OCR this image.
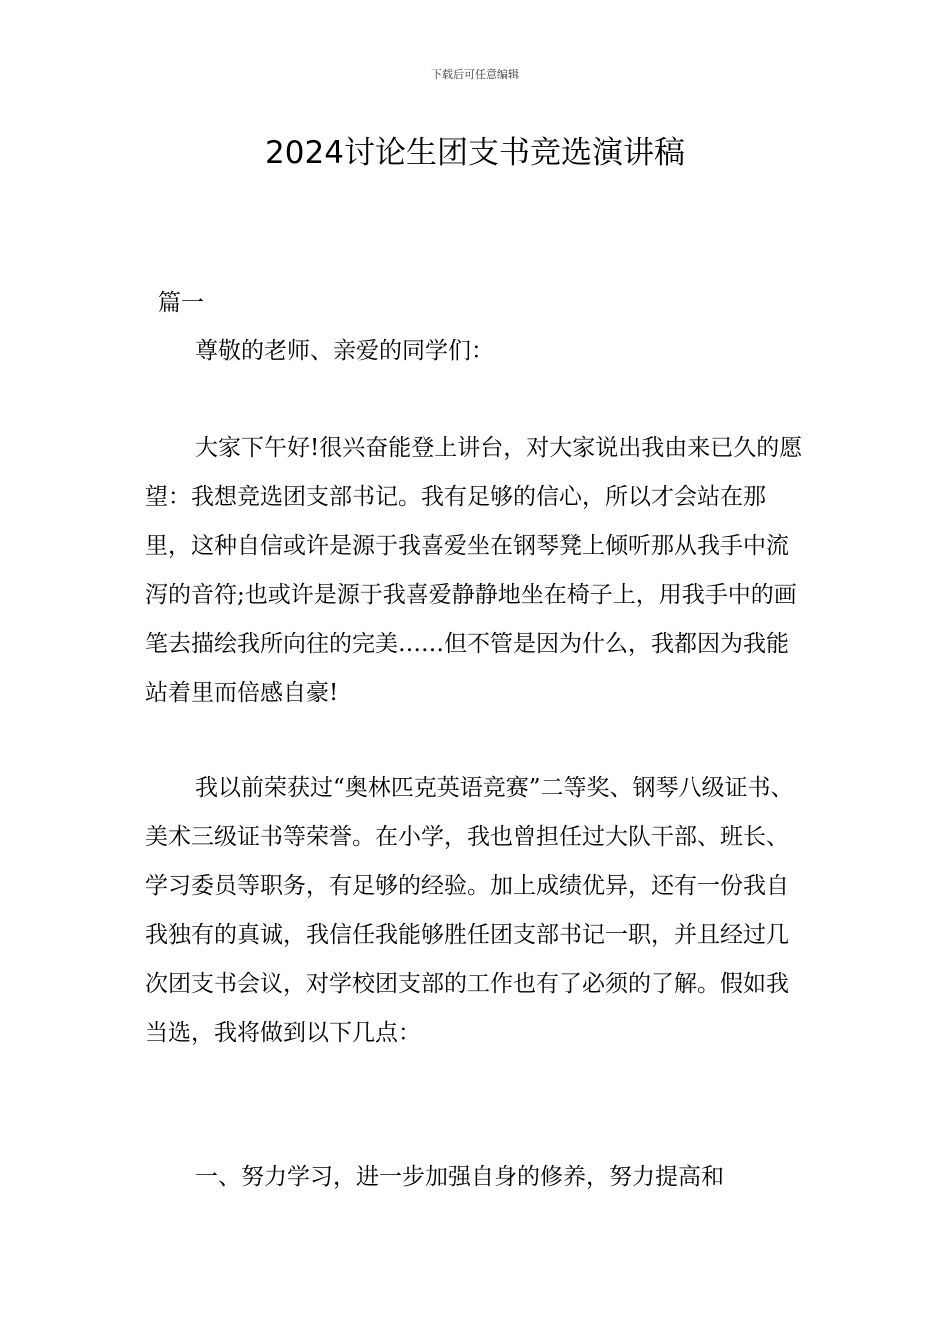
下载后可任意编辑
2024讨论生团支书竞选演讲稿
篇一

尊敬的老师、亲爱的同学们：

大家下午好!很兴奋能登上讲台，对大家说出我由来已久的愿望：我想竞选团支部书记。我有足够的信心，所以才会站在那里，这种自信或许是源于我喜爱坐在钢琴凳上倾听那从我手中流泻的音符;也或许是源于我喜爱静静地坐在椅子上，用我手中的画笔去描绘我所向往的完美……但不管是因为什么，我都因为我能站着里而倍感自豪!

我以前荣获过“奥林匹克英语竞赛”二等奖、钢琴八级证书、美术三级证书等荣誉。在小学，我也曾担任过大队干部、班长、学习委员等职务，有足够的经验。加上成绩优异，还有一份我自我独有的真诚，我信任我能够胜任团支部书记一职，并且经过几次团支书会议，对学校团支部的工作也有了必须的了解。假如我当选，我将做到以下几点：

一、努力学习，进一步加强自身的修养，努力提高和
